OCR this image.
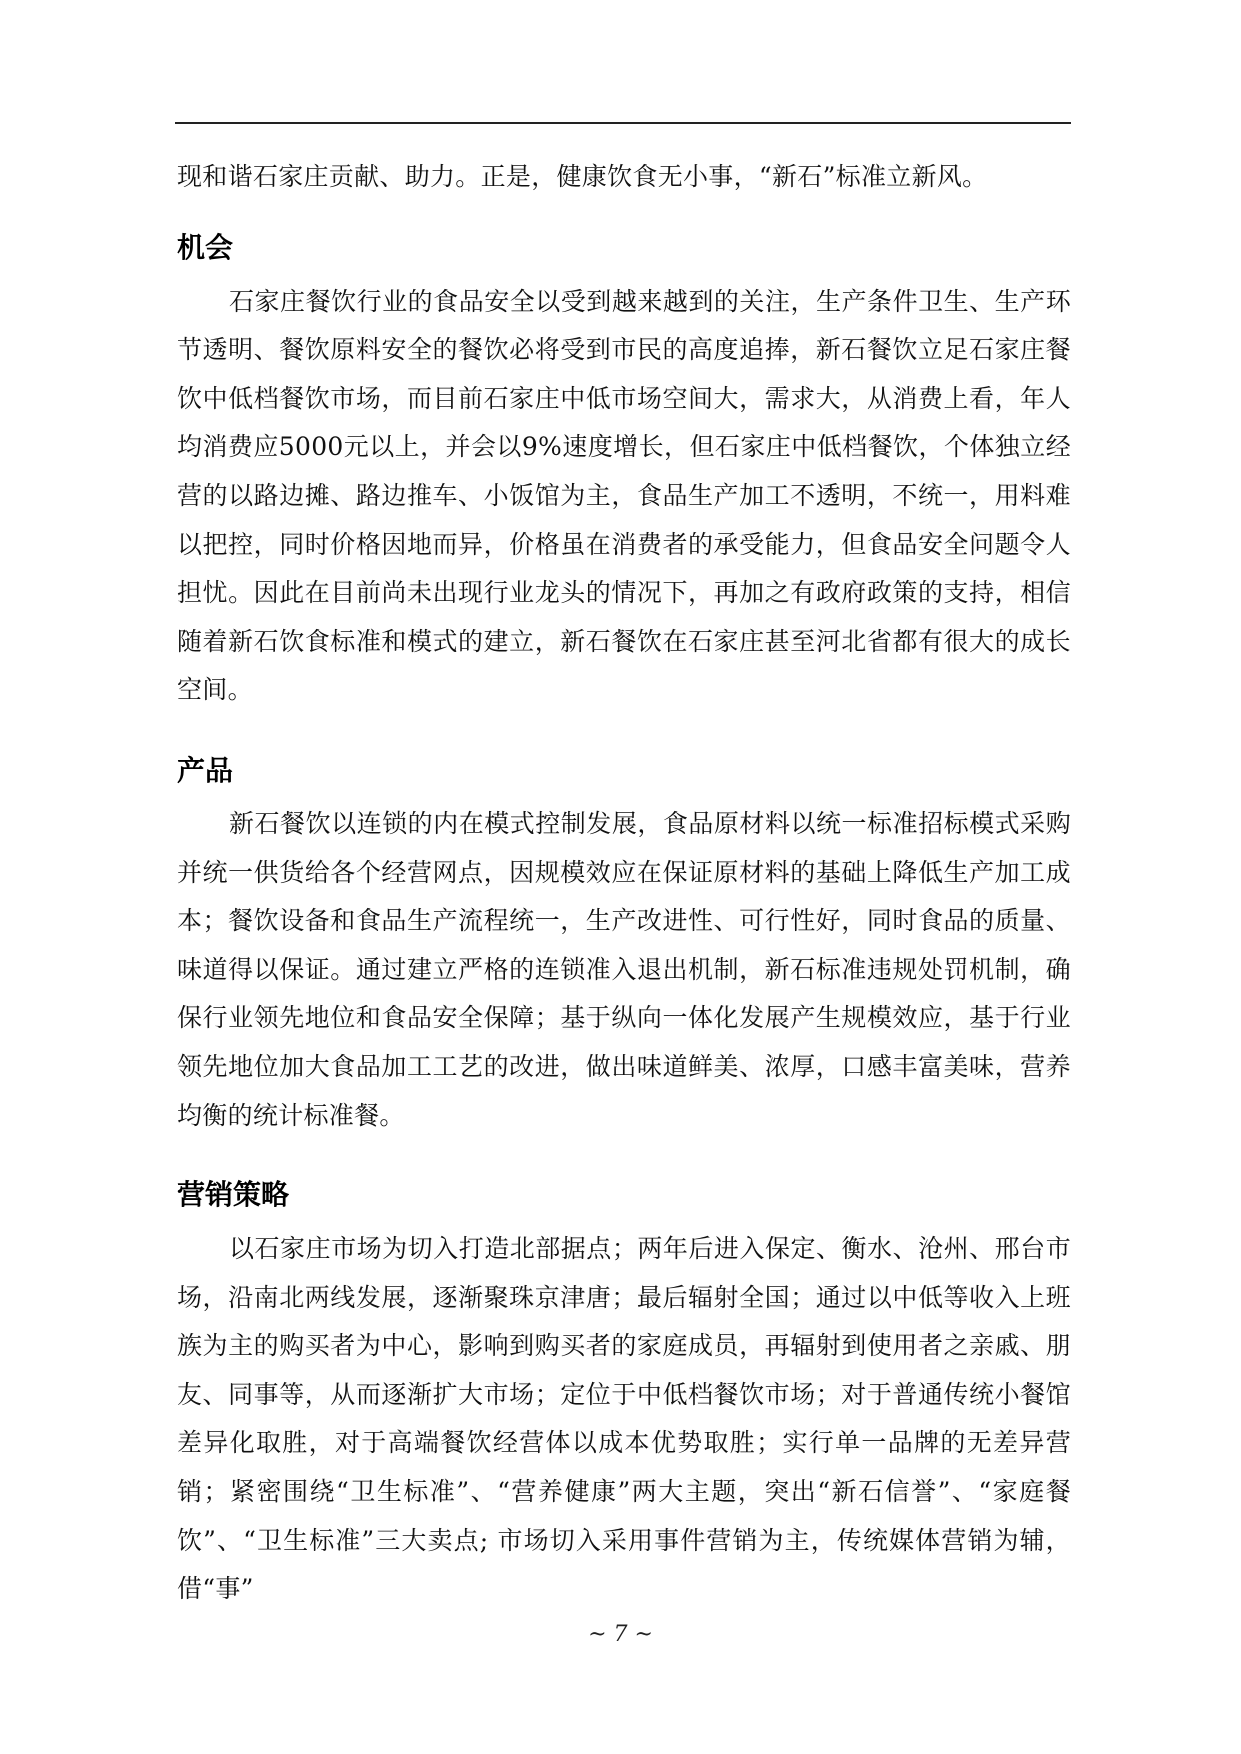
现和谐石家庄贡献、助力。正是，健康饮食无小事，“新石”标准立新风。

机会

石家庄餐饮行业的食品安全以受到越来越到的关注，生产条件卫生、生产环节透明、餐饮原料安全的餐饮必将受到市民的高度追捧，新石餐饮立足石家庄餐饮中低档餐饮市场，而目前石家庄中低市场空间大，需求大，从消费上看，年人均消费应5000元以上，并会以9%速度增长，但石家庄中低档餐饮，个体独立经营的以路边摊、路边推车、小饭馆为主，食品生产加工不透明，不统一，用料难以把控，同时价格因地而异，价格虽在消费者的承受能力，但食品安全问题令人担忧。因此在目前尚未出现行业龙头的情况下，再加之有政府政策的支持，相信随着新石饮食标准和模式的建立，新石餐饮在石家庄甚至河北省都有很大的成长空间。

产品

新石餐饮以连锁的内在模式控制发展，食品原材料以统一标准招标模式采购并统一供货给各个经营网点，因规模效应在保证原材料的基础上降低生产加工成本；餐饮设备和食品生产流程统一，生产改进性、可行性好，同时食品的质量、味道得以保证。通过建立严格的连锁准入退出机制，新石标准违规处罚机制，确保行业领先地位和食品安全保障；基于纵向一体化发展产生规模效应，基于行业领先地位加大食品加工工艺的改进，做出味道鲜美、浓厚，口感丰富美味，营养均衡的统计标准餐。

营销策略

以石家庄市场为切入打造北部据点；两年后进入保定、衡水、沧州、邢台市场，沿南北两线发展，逐渐聚珠京津唐；最后辐射全国；通过以中低等收入上班族为主的购买者为中心，影响到购买者的家庭成员，再辐射到使用者之亲戚、朋友、同事等，从而逐渐扩大市场；定位于中低档餐饮市场；对于普通传统小餐馆差异化取胜，对于高端餐饮经营体以成本优势取胜；实行单一品牌的无差异营销；紧密围绕“卫生标准”、“营养健康”两大主题，突出“新石信誉”、“家庭餐饮”、“卫生标准”三大卖点; 市场切入采用事件营销为主，传统媒体营销为辅，借“事”

~ 7 ~
